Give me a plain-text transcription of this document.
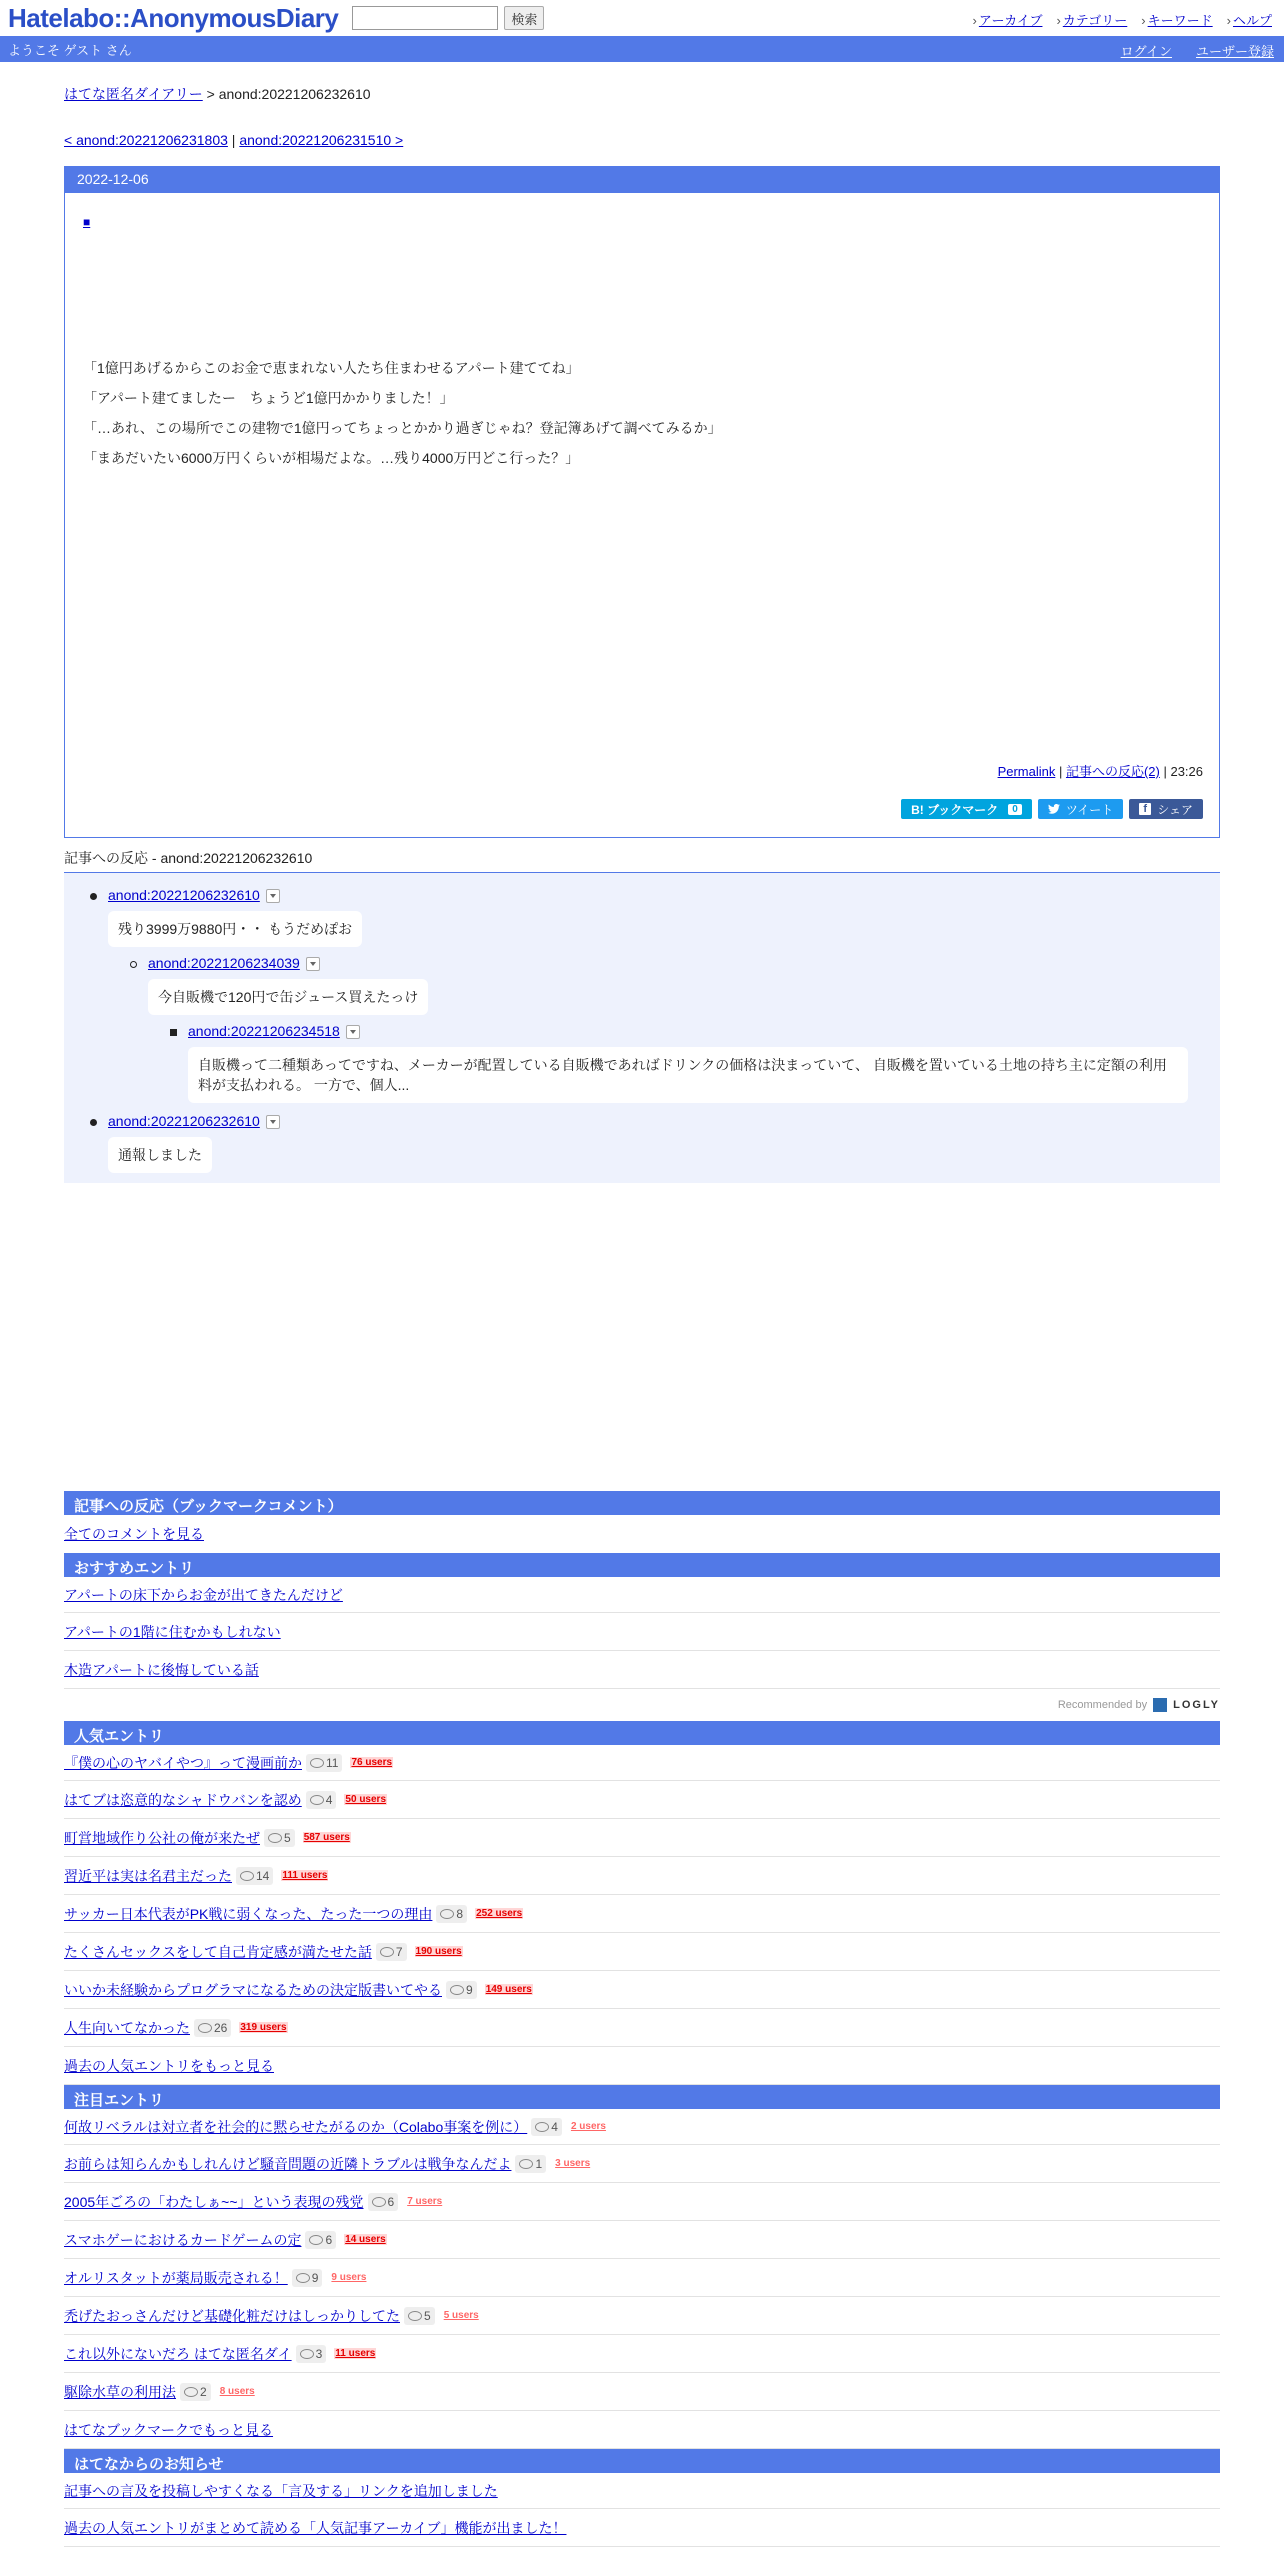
Hatelabo::AnonymousDiary	検索	› アーカイブ	› カテゴリー	› キーワード	› ヘルプ
ようこそ ゲスト さん	ログイン ユーザー登録
はてな匿名ダイアリー > anond:20221206232610
< anond:20221206231803 | anond:20221206231510 >
2022-12-06
■

「1億円あげるからこのお金で恵まれない人たち住まわせるアパート建ててね」

「アパート建てましたー　ちょうど1億円かかりました！」

「…あれ、この場所でこの建物で1億円ってちょっとかかり過ぎじゃね？登記簿あげて調べてみるか」

「まあだいたい6000万円くらいが相場だよな。…残り4000万円どこ行った？」

Permalink | 記事への反応(2) | 23:26
B! ブックマーク	0	ツイート	f シェア
記事への反応 - anond:20221206232610
anond:20221206232610
残り3999万9880円・・ もうだめぽお
anond:20221206234039
今自販機で120円で缶ジュース買えたっけ
anond:20221206234518
自販機って二種類あってですね、メーカーが配置している自販機であればドリンクの価格は決まっていて、 自販機を置いている土地の持ち主に定額の利用料が支払われる。 一方で、個人...
anond:20221206232610
通報しました
記事への反応（ブックマークコメント）
全てのコメントを見る
おすすめエントリ
アパートの床下からお金が出てきたんだけど
アパートの1階に住むかもしれない
木造アパートに後悔している話
Recommended by LOGLY
人気エントリ
『僕の心のヤバイやつ』って漫画前か 11 76 users
はてブは恣意的なシャドウバンを認め 4 50 users
町営地域作り公社の俺が来たぜ 5 587 users
習近平は実は名君主だった 14 111 users
サッカー日本代表がPK戦に弱くなった、たった一つの理由 8 252 users
たくさんセックスをして自己肯定感が満たせた話 7 190 users
いいか未経験からプログラマになるための決定版書いてやる 9 149 users
人生向いてなかった 26 319 users
過去の人気エントリをもっと見る
注目エントリ
何故リベラルは対立者を社会的に黙らせたがるのか（Colabo事案を例に） 4 2 users
お前らは知らんかもしれんけど騒音問題の近隣トラブルは戦争なんだよ 1 3 users
2005年ごろの「わたしぁ~~」という表現の残党 6 7 users
スマホゲーにおけるカードゲームの定 6 14 users
オルリスタットが薬局販売される！ 9 9 users
禿げたおっさんだけど基礎化粧だけはしっかりしてた 5 5 users
これ以外にないだろ はてな匿名ダイ 3 11 users
駆除水草の利用法 2 8 users
はてなブックマークでもっと見る
はてなからのお知らせ
記事への言及を投稿しやすくなる「言及する」リンクを追加しました
過去の人気エントリがまとめて読める「人気記事アーカイブ」機能が出ました！
